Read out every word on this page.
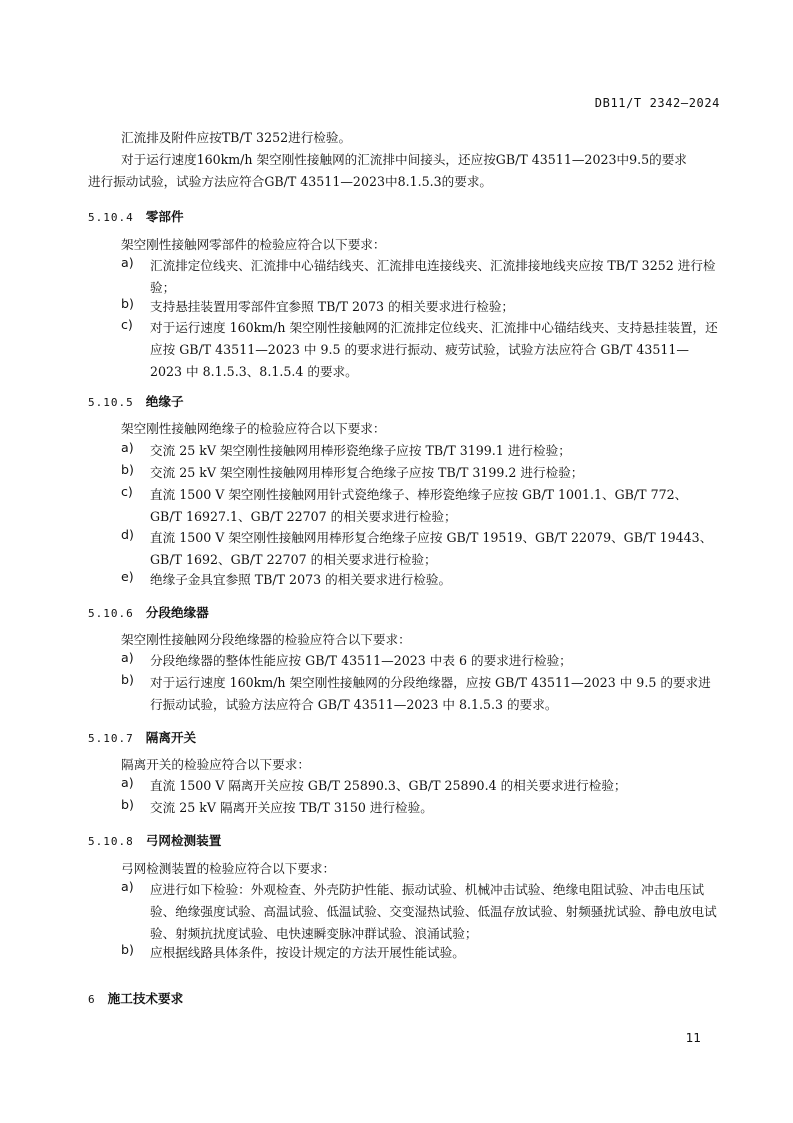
DB11/T 2342—2024
汇流排及附件应按TB/T 3252进行检验。
对于运行速度160km/h 架空刚性接触网的汇流排中间接头，还应按GB/T 43511—2023中9.5的要求
进行振动试验，试验方法应符合GB/T 43511—2023中8.1.5.3的要求。
5.10.4 零部件
架空刚性接触网零部件的检验应符合以下要求：
a) 汇流排定位线夹、汇流排中心锚结线夹、汇流排电连接线夹、汇流排接地线夹应按 TB/T 3252 进行检验；
b) 支持悬挂装置用零部件宜参照 TB/T 2073 的相关要求进行检验；
c) 对于运行速度 160km/h 架空刚性接触网的汇流排定位线夹、汇流排中心锚结线夹、支持悬挂装置，还应按 GB/T 43511—2023 中 9.5 的要求进行振动、疲劳试验，试验方法应符合 GB/T 43511—2023 中 8.1.5.3、8.1.5.4 的要求。
5.10.5 绝缘子
架空刚性接触网绝缘子的检验应符合以下要求：
a) 交流 25 kV 架空刚性接触网用棒形瓷绝缘子应按 TB/T 3199.1 进行检验；
b) 交流 25 kV 架空刚性接触网用棒形复合绝缘子应按 TB/T 3199.2 进行检验；
c) 直流 1500 V 架空刚性接触网用针式瓷绝缘子、棒形瓷绝缘子应按 GB/T 1001.1、GB/T 772、GB/T 16927.1、GB/T 22707 的相关要求进行检验；
d) 直流 1500 V 架空刚性接触网用棒形复合绝缘子应按 GB/T 19519、GB/T 22079、GB/T 19443、GB/T 1692、GB/T 22707 的相关要求进行检验；
e) 绝缘子金具宜参照 TB/T 2073 的相关要求进行检验。
5.10.6 分段绝缘器
架空刚性接触网分段绝缘器的检验应符合以下要求：
a) 分段绝缘器的整体性能应按 GB/T 43511—2023 中表 6 的要求进行检验；
b) 对于运行速度 160km/h 架空刚性接触网的分段绝缘器，应按 GB/T 43511—2023 中 9.5 的要求进行振动试验，试验方法应符合 GB/T 43511—2023 中 8.1.5.3 的要求。
5.10.7 隔离开关
隔离开关的检验应符合以下要求：
a) 直流 1500 V 隔离开关应按 GB/T 25890.3、GB/T 25890.4 的相关要求进行检验；
b) 交流 25 kV 隔离开关应按 TB/T 3150 进行检验。
5.10.8 弓网检测装置
弓网检测装置的检验应符合以下要求：
a) 应进行如下检验：外观检查、外壳防护性能、振动试验、机械冲击试验、绝缘电阻试验、冲击电压试验、绝缘强度试验、高温试验、低温试验、交变湿热试验、低温存放试验、射频骚扰试验、静电放电试验、射频抗扰度试验、电快速瞬变脉冲群试验、浪涌试验；
b) 应根据线路具体条件，按设计规定的方法开展性能试验。
6 施工技术要求
11
